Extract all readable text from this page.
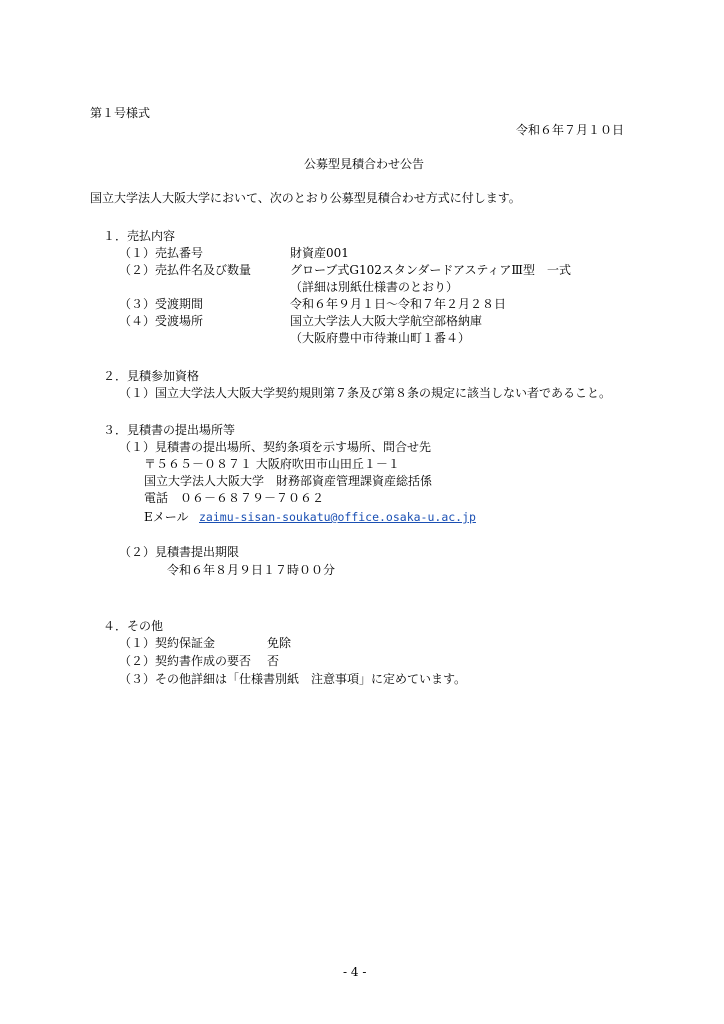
第１号様式
令和６年７月１０日
公募型見積合わせ公告
国立大学法人大阪大学において、次のとおり公募型見積合わせ方式に付します。
１．売払内容
（１）売払番号	財資産001
（２）売払件名及び数量	グローブ式G102スタンダードアスティアⅢ型　一式
（詳細は別紙仕様書のとおり）
（３）受渡期間	令和６年９月１日～令和７年２月２８日
（４）受渡場所	国立大学法人大阪大学航空部格納庫
（大阪府豊中市待兼山町１番４）
２．見積参加資格
（１）国立大学法人大阪大学契約規則第７条及び第８条の規定に該当しない者であること。
３．見積書の提出場所等
（１）見積書の提出場所、契約条項を示す場所、問合せ先
〒５６５－０８７１ 大阪府吹田市山田丘１－１
国立大学法人大阪大学　財務部資産管理課資産総括係
電話　０６－６８７９－７０６２
Eメール zaimu-sisan-soukatu@office.osaka-u.ac.jp
（２）見積書提出期限
令和６年８月９日１７時００分
４．その他
（１）契約保証金	免除
（２）契約書作成の要否 否
（３）その他詳細は「仕様書別紙　注意事項」に定めています。
- 4 -
